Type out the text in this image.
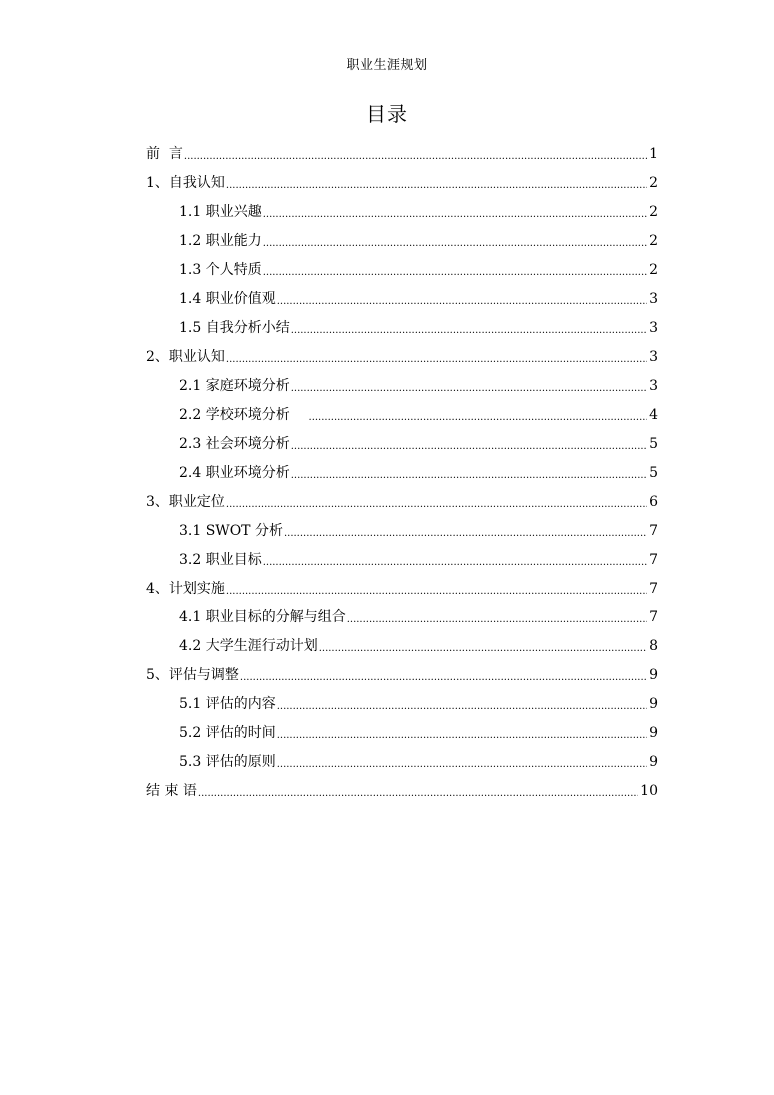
职业生涯规划
目录
前  言 .....	1
1、自我认知 .....	2
1.1 职业兴趣 .....	2
1.2 职业能力 .....	2
1.3 个人特质 .....	2
1.4 职业价值观 .....	3
1.5 自我分析小结 .....	3
2、职业认知 .....	3
2.1 家庭环境分析 .....	3
2.2 学校环境分析 .....	4
2.3 社会环境分析 .....	5
2.4 职业环境分析 .....	5
3、职业定位 .....	6
3.1 SWOT 分析 .....	7
3.2 职业目标 .....	7
4、计划实施 .....	7
4.1 职业目标的分解与组合 .....	7
4.2 大学生涯行动计划 .....	8
5、评估与调整 .....	9
5.1 评估的内容 .....	9
5.2 评估的时间 .....	9
5.3 评估的原则 .....	9
结 束 语 .....	10
